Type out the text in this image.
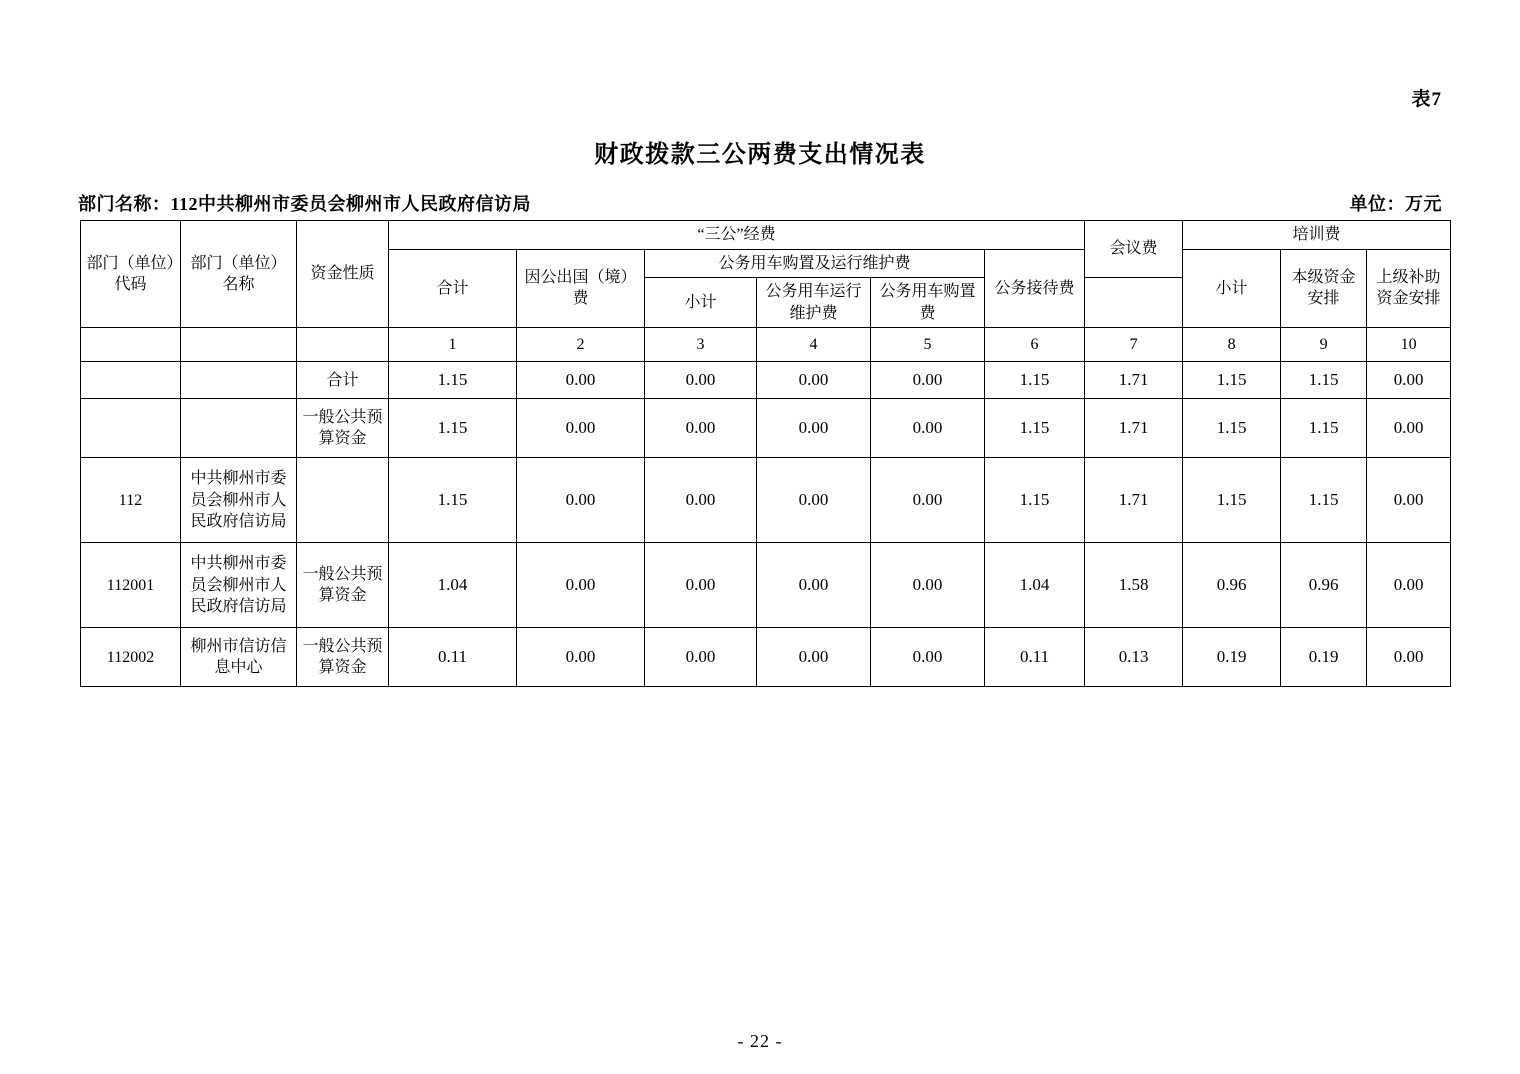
表7
财政拨款三公两费支出情况表
部门名称：112中共柳州市委员会柳州市人民政府信访局	单位：万元
部门（单位）代码	部门（单位）名称	资金性质	“三公”经费						会议费	培训费		
			合计	因公出国（境）费	公务用车购置及运行维护费			公务接待费		小计	本级资金安排	上级补助资金安排
					小计	公务用车运行维护费	公务用车购置费					
			1	2	3	4	5	6	7	8	9	10
		合计	1.15	0.00	0.00	0.00	0.00	1.15	1.71	1.15	1.15	0.00
		一般公共预算资金	1.15	0.00	0.00	0.00	0.00	1.15	1.71	1.15	1.15	0.00
112	中共柳州市委员会柳州市人民政府信访局		1.15	0.00	0.00	0.00	0.00	1.15	1.71	1.15	1.15	0.00
112001	中共柳州市委员会柳州市人民政府信访局	一般公共预算资金	1.04	0.00	0.00	0.00	0.00	1.04	1.58	0.96	0.96	0.00
112002	柳州市信访信息中心	一般公共预算资金	0.11	0.00	0.00	0.00	0.00	0.11	0.13	0.19	0.19	0.00
- 22 -
